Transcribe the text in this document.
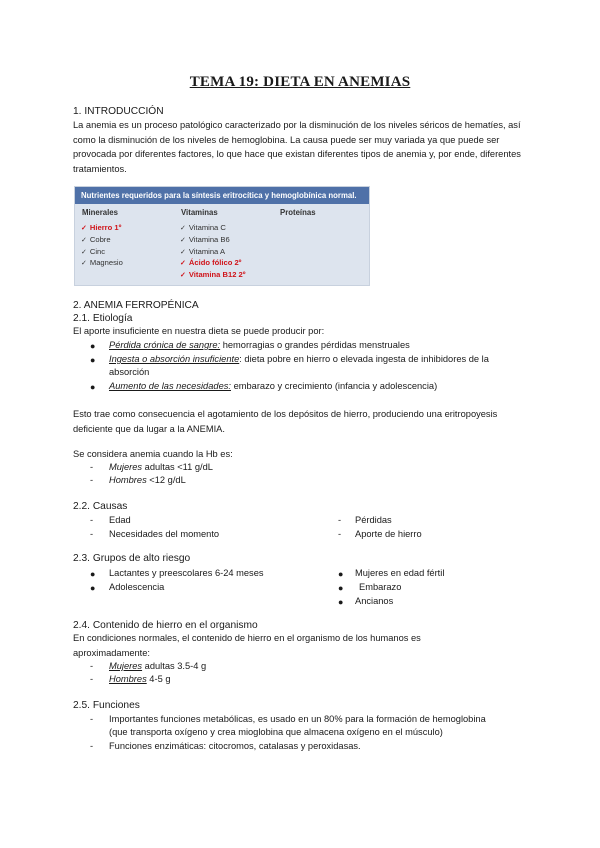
TEMA 19: DIETA EN ANEMIAS
1. INTRODUCCIÓN
La anemia es un proceso patológico caracterizado por la disminución de los niveles séricos de hematíes, así como la disminución de los niveles de hemoglobina. La causa puede ser muy variada ya que puede ser provocada por diferentes factores, lo que hace que existan diferentes tipos de anemia y, por ende, diferentes tratamientos.
Nutrientes requeridos para la síntesis eritrocítica y hemoglobínica normal.
Minerales	Vitaminas	Proteínas
✓ Hierro 1º
✓ Cobre
✓ Cinc
✓ Magnesio
✓ Vitamina C
✓ Vitamina B6
✓ Vitamina A
✓ Ácido fólico 2º
✓ Vitamina B12 2º
2. ANEMIA FERROPÉNICA
2.1. Etiología
El aporte insuficiente en nuestra dieta se puede producir por:
● Pérdida crónica de sangre: hemorragias o grandes pérdidas menstruales
● Ingesta o absorción insuficiente: dieta pobre en hierro o elevada ingesta de inhibidores de la
absorción
● Aumento de las necesidades: embarazo y crecimiento (infancia y adolescencia)
Esto trae como consecuencia el agotamiento de los depósitos de hierro, produciendo una eritropoyesis deficiente que da lugar a la ANEMIA.
Se considera anemia cuando la Hb es:
- Mujeres adultas <11 g/dL
- Hombres <12 g/dL
2.2. Causas
- Edad
- Necesidades del momento
- Pérdidas
- Aporte de hierro
2.3. Grupos de alto riesgo
● Lactantes y preescolares 6-24 meses
● Adolescencia
● Mujeres en edad fértil
● Embarazo
● Ancianos
2.4. Contenido de hierro en el organismo
En condiciones normales, el contenido de hierro en el organismo de los humanos es aproximadamente:
- Mujeres adultas 3.5-4 g
- Hombres 4-5 g
2.5. Funciones
- Importantes funciones metabólicas, es usado en un 80% para la formación de hemoglobina
(que transporta oxígeno y crea mioglobina que almacena oxígeno en el músculo)
- Funciones enzimáticas: citocromos, catalasas y peroxidasas.
